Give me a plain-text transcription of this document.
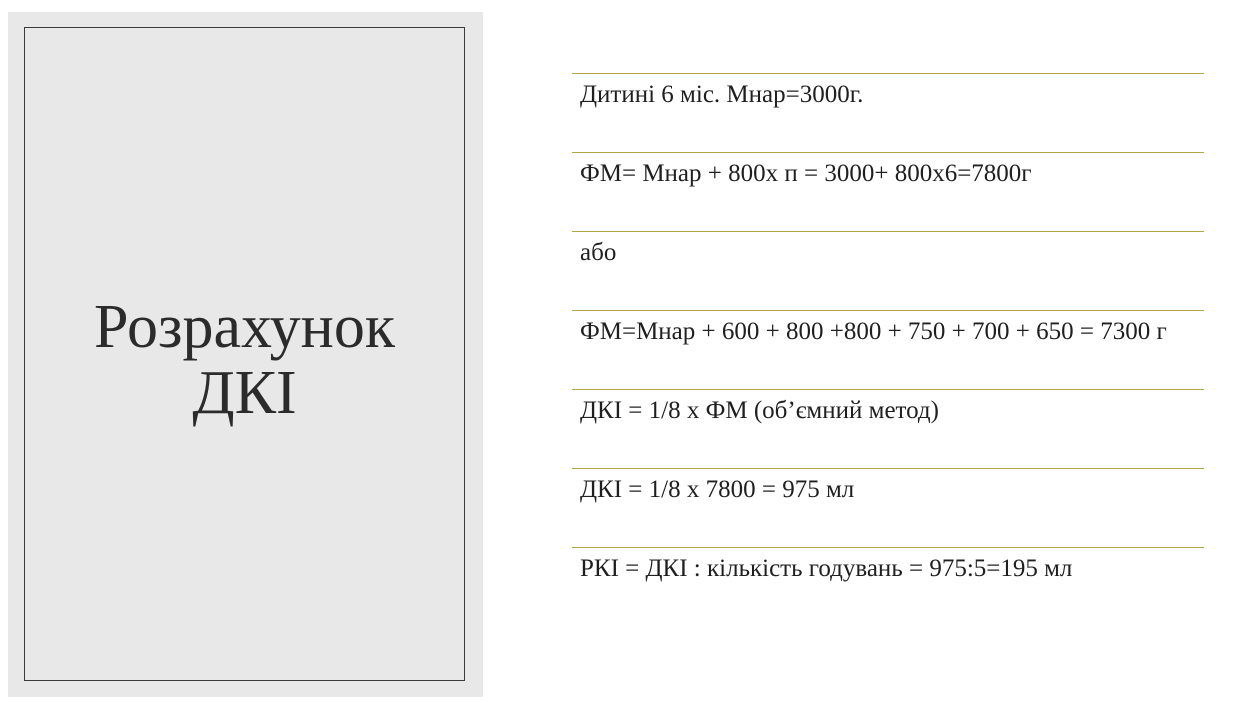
Розрахунок
ДКІ
Дитині 6 міс. Мнар=3000г.
ФМ= Мнар + 800х п = 3000+ 800х6=7800г
або
ФМ=Мнар + 600 + 800 +800 + 750 + 700 + 650 = 7300 г
ДКІ = 1/8 х ФМ (об’ємний метод)
ДКІ = 1/8 х 7800 = 975 мл
РКІ = ДКІ : кількість годувань = 975:5=195 мл
